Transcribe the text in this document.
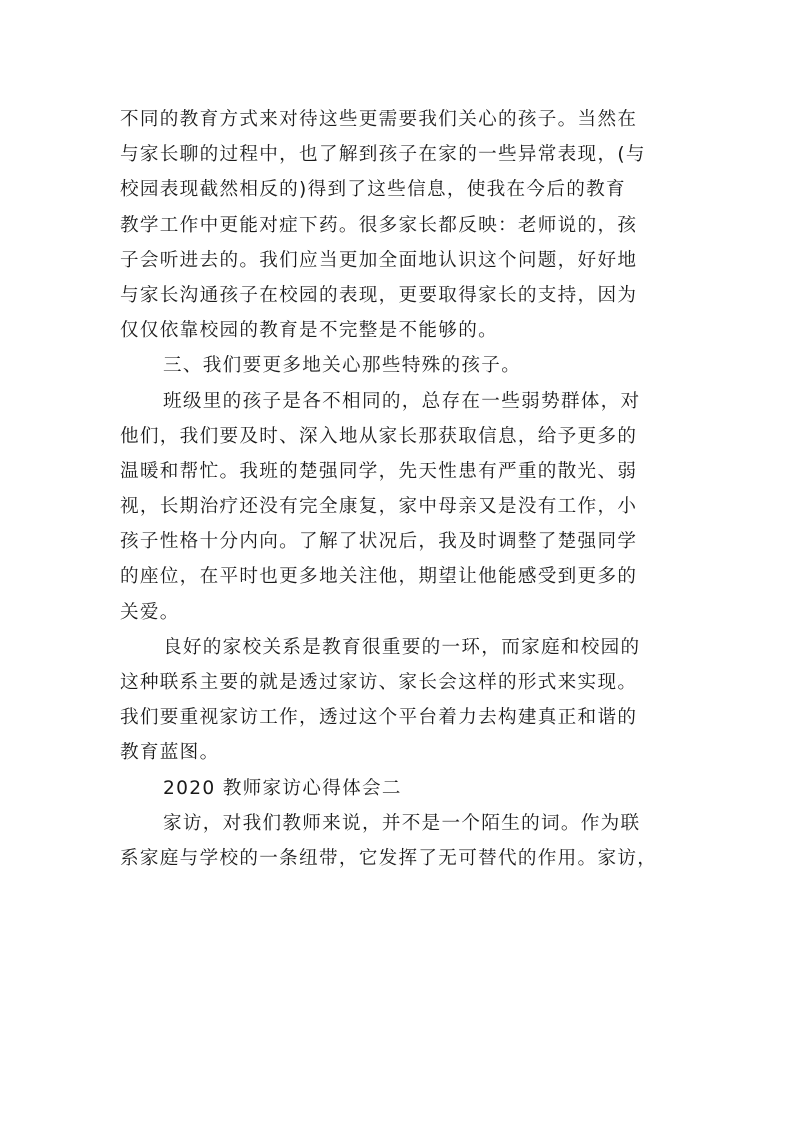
不同的教育方式来对待这些更需要我们关心的孩子。当然在
与家长聊的过程中，也了解到孩子在家的一些异常表现，(与
校园表现截然相反的)得到了这些信息，使我在今后的教育
教学工作中更能对症下药。很多家长都反映：老师说的，孩
子会听进去的。我们应当更加全面地认识这个问题，好好地
与家长沟通孩子在校园的表现，更要取得家长的支持，因为
仅仅依靠校园的教育是不完整是不能够的。
三、我们要更多地关心那些特殊的孩子。
班级里的孩子是各不相同的，总存在一些弱势群体，对
他们，我们要及时、深入地从家长那获取信息，给予更多的
温暖和帮忙。我班的楚强同学，先天性患有严重的散光、弱
视，长期治疗还没有完全康复，家中母亲又是没有工作，小
孩子性格十分内向。了解了状况后，我及时调整了楚强同学
的座位，在平时也更多地关注他，期望让他能感受到更多的
关爱。
良好的家校关系是教育很重要的一环，而家庭和校园的
这种联系主要的就是透过家访、家长会这样的形式来实现。
我们要重视家访工作，透过这个平台着力去构建真正和谐的
教育蓝图。
2020 教师家访心得体会二
家访，对我们教师来说，并不是一个陌生的词。作为联
系家庭与学校的一条纽带，它发挥了无可替代的作用。家访，
